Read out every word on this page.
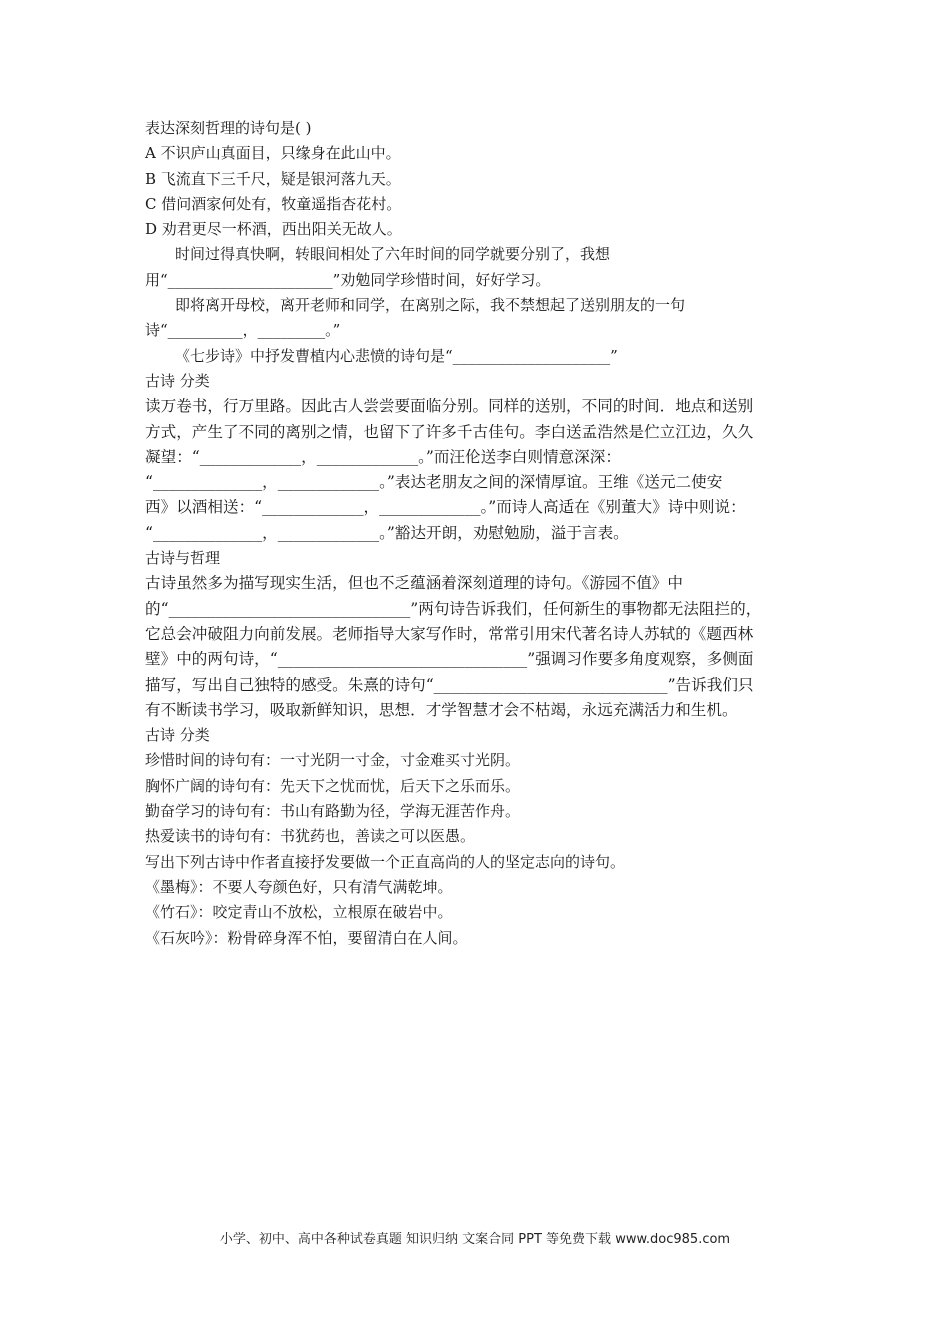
表达深刻哲理的诗句是( )
A 不识庐山真面目，只缘身在此山中。
B 飞流直下三千尺，疑是银河落九天。
C 借问酒家何处有，牧童遥指杏花村。
D 劝君更尽一杯酒，西出阳关无故人。
时间过得真快啊，转眼间相处了六年时间的同学就要分别了，我想
用“______________________”劝勉同学珍惜时间，好好学习。
即将离开母校，离开老师和同学，在离别之际，我不禁想起了送别朋友的一句
诗“__________，_________。”
《七步诗》中抒发曹植内心悲愤的诗句是“_____________________”
古诗 分类
读万卷书，行万里路。因此古人尝尝要面临分别。同样的送别，不同的时间．地点和送别
方式，产生了不同的离别之情，也留下了许多千古佳句。李白送孟浩然是伫立江边，久久
凝望：“_____________，_____________。”而汪伦送李白则情意深深：
“______________，_____________。”表达老朋友之间的深情厚谊。王维《送元二使安
西》以酒相送：“_____________，_____________。”而诗人高适在《别董大》诗中则说：
“______________，_____________。”豁达开朗，劝慰勉励，溢于言表。
古诗与哲理
古诗虽然多为描写现实生活，但也不乏蕴涵着深刻道理的诗句。《游园不值》中
的“_______________________________”两句诗告诉我们，任何新生的事物都无法阻拦的，
它总会冲破阻力向前发展。老师指导大家写作时，常常引用宋代著名诗人苏轼的《题西林
壁》中的两句诗，“________________________________”强调习作要多角度观察，多侧面
描写，写出自己独特的感受。朱熹的诗句“______________________________”告诉我们只
有不断读书学习，吸取新鲜知识，思想．才学智慧才会不枯竭，永远充满活力和生机。
古诗 分类
珍惜时间的诗句有：一寸光阴一寸金，寸金难买寸光阴。
胸怀广阔的诗句有：先天下之忧而忧，后天下之乐而乐。
勤奋学习的诗句有：书山有路勤为径，学海无涯苦作舟。
热爱读书的诗句有：书犹药也，善读之可以医愚。
写出下列古诗中作者直接抒发要做一个正直高尚的人的坚定志向的诗句。
《墨梅》：不要人夸颜色好，只有清气满乾坤。
《竹石》：咬定青山不放松，立根原在破岩中。
《石灰吟》：粉骨碎身浑不怕，要留清白在人间。
小学、初中、高中各种试卷真题 知识归纳 文案合同 PPT 等免费下载 www.doc985.com
